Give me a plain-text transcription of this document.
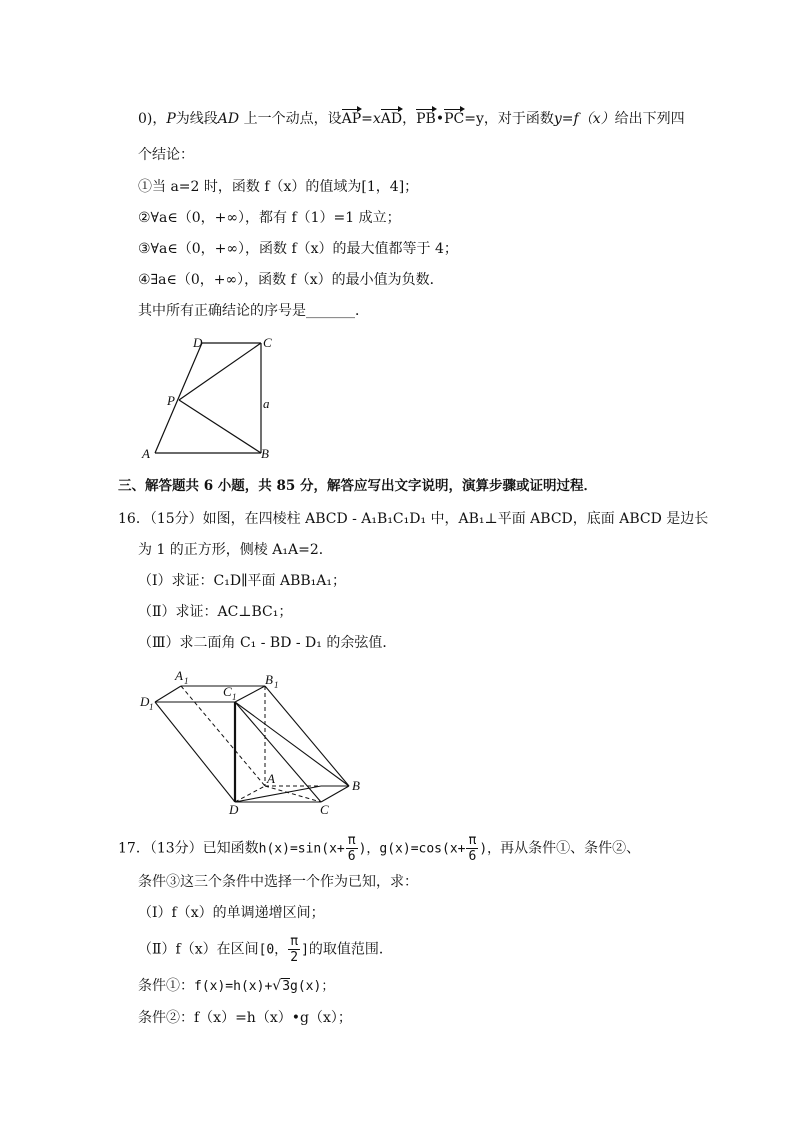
0)，P为线段AD 上一个动点，设AP=xAD，PB•PC=y，对于函数y=f（x）给出下列四
个结论：
①当 a=2 时，函数 f（x）的值域为[1，4]；
②∀a∈（0，+∞），都有 f（1）=1 成立；
③∀a∈（0，+∞），函数 f（x）的最大值都等于 4；
④∃a∈（0，+∞），函数 f（x）的最小值为负数．
其中所有正确结论的序号是_______．
D	C
P	a
A	B
三、解答题共 6 小题，共 85 分，解答应写出文字说明，演算步骤或证明过程．
16．（15分）如图，在四棱柱 ABCD - A₁B₁C₁D₁ 中，AB₁⊥平面 ABCD，底面 ABCD 是边长
为 1 的正方形，侧棱 A₁A=2．
（Ⅰ）求证：C₁D∥平面 ABB₁A₁；
（Ⅱ）求证：AC⊥BC₁；
（Ⅲ）求二面角 C₁ - BD - D₁ 的余弦值．
A 1
C 1
B 1
D 1
A	B
C
D
17．（13分）已知函数$h(x)=\sin(x+ \frac{\pi}{6}$ )，$g(x)=\cos(x+ \frac{\pi}{6}$ )，再从条件①、条件②、
条件③这三个条件中选择一个作为已知，求：
（Ⅰ）f（x）的单调递增区间；
（Ⅱ）f（x）在区间[0， $\frac{\pi}{2}$ ]的取值范围．
条件①：f(x)=h(x)+√3g(x)；
条件②：f（x）=h（x）•g（x）；
